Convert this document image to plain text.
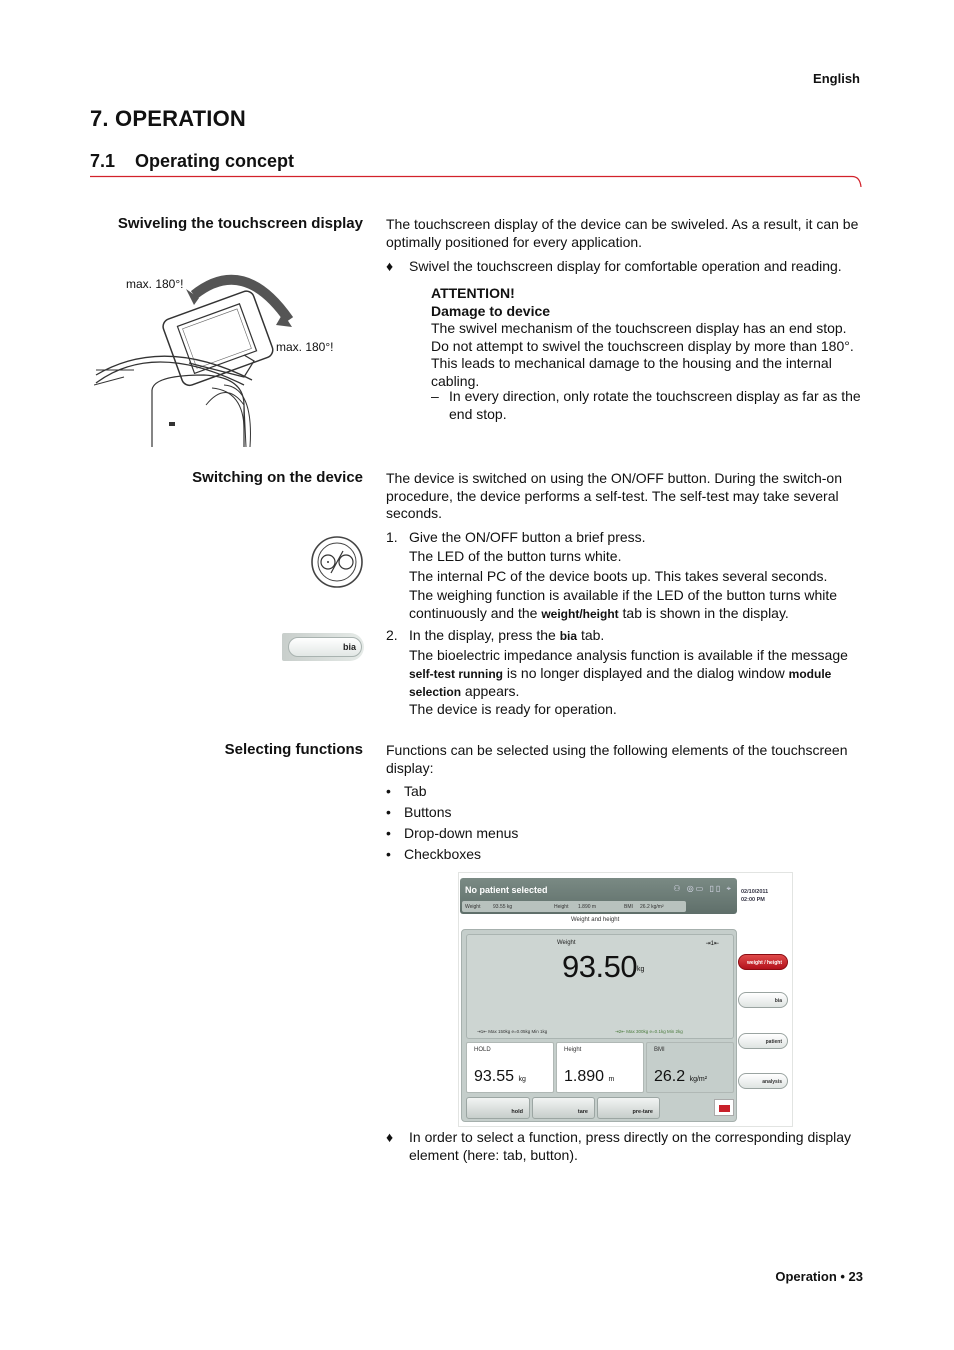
English
7. OPERATION
7.1    Operating concept
Swiveling the touchscreen display The touchscreen display of the device can be swiveled. As a result, it can be optimally positioned for every application.
♦ Swivel the touchscreen display for comfortable operation and reading.
ATTENTION!
Damage to device
The swivel mechanism of the touchscreen display has an end stop. Do not attempt to swivel the touchscreen display by more than 180°. This leads to mechanical damage to the housing and the internal cabling.
– In every direction, only rotate the touchscreen display as far as the end stop.
max. 180°!
max. 180°!
Switching on the device The device is switched on using the ON/OFF button. During the switch-on procedure, the device performs a self-test. The self-test may take several seconds.
bia
1. Give the ON/OFF button a brief press.
The LED of the button turns white.
The internal PC of the device boots up. This takes several seconds.
The weighing function is available if the LED of the button turns white continuously and the weight/height tab is shown in the display.
2. In the display, press the bia tab.
The bioelectric impedance analysis function is available if the message self-test running is no longer displayed and the dialog window module selection appears.
The device is ready for operation.
Selecting functions Functions can be selected using the following elements of the touchscreen display:
• Tab
• Buttons
• Drop-down menus
• Checkboxes
No patient selected	⚇ ◎▭ ▯▯ ⌖
Weight	93.55 kg	Height 1.890 m	BMI 26.2 kg/m²
02/10/2011
02:00 PM
Weight and height
Weight
93.50 kg
⇥1⇤
⇥1⇤ Max 150kg e=0.05kg Min 1kg	⇥2⇤ Max 300kg e=0.1kg Min 2kg
HOLD
93.55 kg
Height
1.890 m
BMI
26.2 kg/m²
hold	tare	pre-tare
weight / height
bia
patient
analysis
♦ In order to select a function, press directly on the corresponding display element (here: tab, button).
Operation • 23
